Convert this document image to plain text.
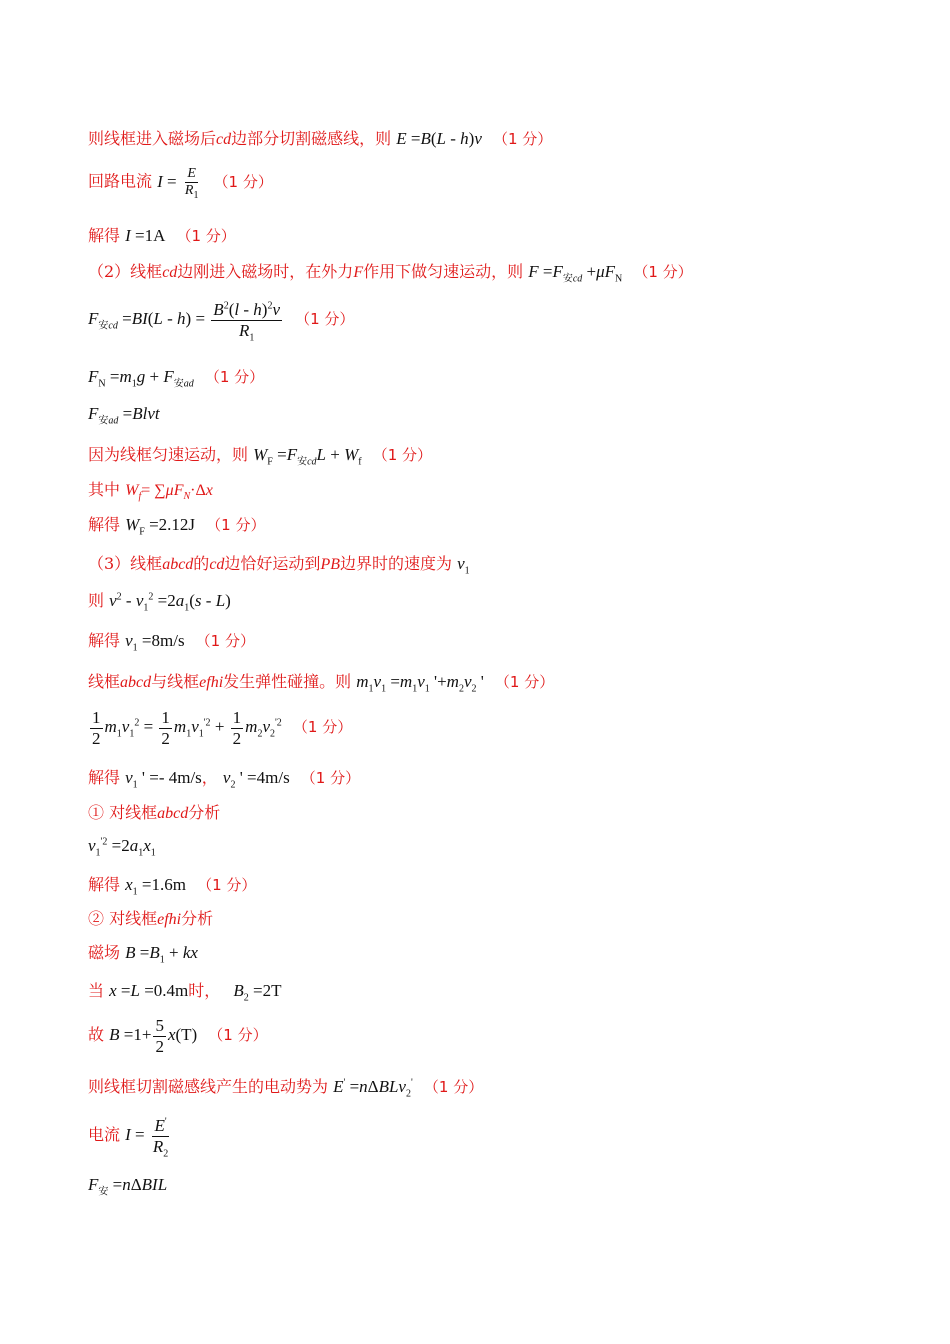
则线框进入磁场后cd边部分切割磁感线，则 E =B(L - h)v （1 分）
回路电流 $I = \frac{E}{R_1} (1$ 分）
解得 I =1A （1 分）
（2）线框cd边刚进入磁场时，在外力F作用下做匀速运动，则 $F =F_{安cd} +\mu F_N$ （1 分）
$F_{安cd} =BI(L - h) = \frac{B^2(l - h)^2v}{R_1} (1$ 分）
$F_N =m_1g + F_{安ad}$ （1 分）
$F_{安ad}$ =Blvt
因为线框匀速运动，则 $W_F =F_{安cd}L + W_f$ （1 分）
其中 $W_f= \sum\mu F_N\cdot\Delta x$
解得 $W_F =2.12J$ （1 分）
（3）线框abcd的cd边恰好运动到PB边界时的速度为 $v_1$
则 $v^2 - v_1^2 =2a_1(s - L)$
解得 $v_1 =8m/s$ （1 分）
线框abcd与线框efhi发生弹性碰撞。则 $m_1v_1 =m_1v_1$ '$+m_2v_2$ ' （1 分）
$\frac{1}{2} m_1v_1^2 = \frac{1}{2} m_1v_1^{'2} + \frac{1}{2} m_2v_2^{'2}$ （1 分）
解得 $v_1$ ' =- 4m/s， $v_2$ ' =4m/s （1 分）
① 对线框abcd分析
$v_1^{'2} =2a_1x_1$
解得 $x_1 =1.6m$ （1 分）
② 对线框efhi分析
磁场 $B =B_1$ + kx
当 x =L =0.4m时， $B_2 =2T$
故 $B =1+ \frac{5}{2} x(T)$ （1 分）
则线框切割磁感线产生的电动势为 E' =nΔBLv$_2$' （1 分）
电流 $I = \frac{E'}{R_2}$
$F_安 =n\Delta BIL$
